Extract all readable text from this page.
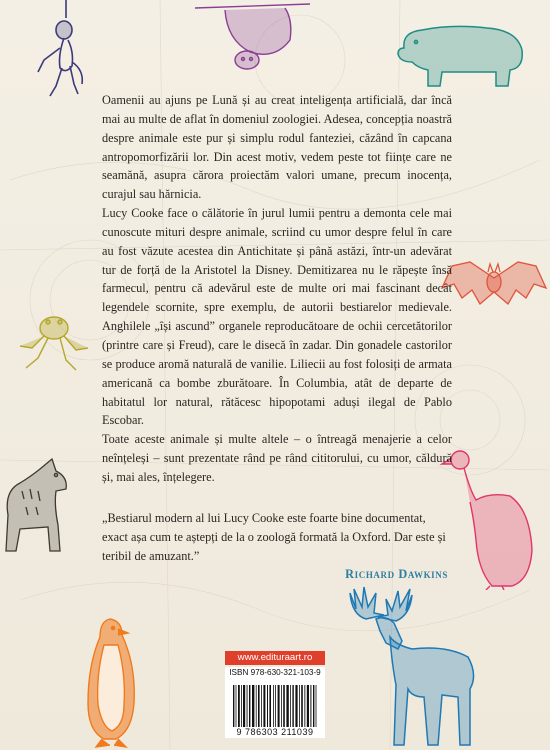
Oamenii au ajuns pe Lună și au creat inteligența artificială, dar încă mai au multe de aflat în domeniul zoologiei. Adesea, concepția noastră despre animale este pur și simplu rodul fanteziei, căzând în capcana antropomorfizării lor. Din acest motiv, vedem peste tot ființe care ne seamănă, asupra cărora proiectăm valori umane, precum inocența, curajul sau hărnicia.

Lucy Cooke face o călătorie în jurul lumii pentru a demonta cele mai cunoscute mituri despre animale, scriind cu umor despre felul în care au fost văzute acestea din Antichitate și până astăzi, într-un adevărat tur de forță de la Aristotel la Disney. Demitizarea nu le răpește însă farmecul, pentru că adevărul este de multe ori mai fascinant decât legendele scornite, spre exemplu, de autorii bestiarelor medievale. Anghilele „își ascund” organele reproducătoare de ochii cercetătorilor (printre care și Freud), care le disecă în zadar. Din gonadele castorilor se produce aromă naturală de vanilie. Liliecii au fost folosiți de armata americană ca bombe zburătoare. În Columbia, atât de departe de habitatul lor natural, rătăcesc hipopotami aduși ilegal de Pablo Escobar.

Toate aceste animale și multe altele – o întreagă menajerie a celor neînțeleși – sunt prezentate rând pe rând cititorului, cu umor, căldură și, mai ales, înțelegere.

„Bestiarul modern al lui Lucy Cooke este foarte bine documentat, exact așa cum te aștepți de la o zoologă formată la Oxford. Dar este și teribil de amuzant.”
Richard Dawkins
www.edituraart.ro
ISBN 978-630-321-103-9
9 786303 211039
